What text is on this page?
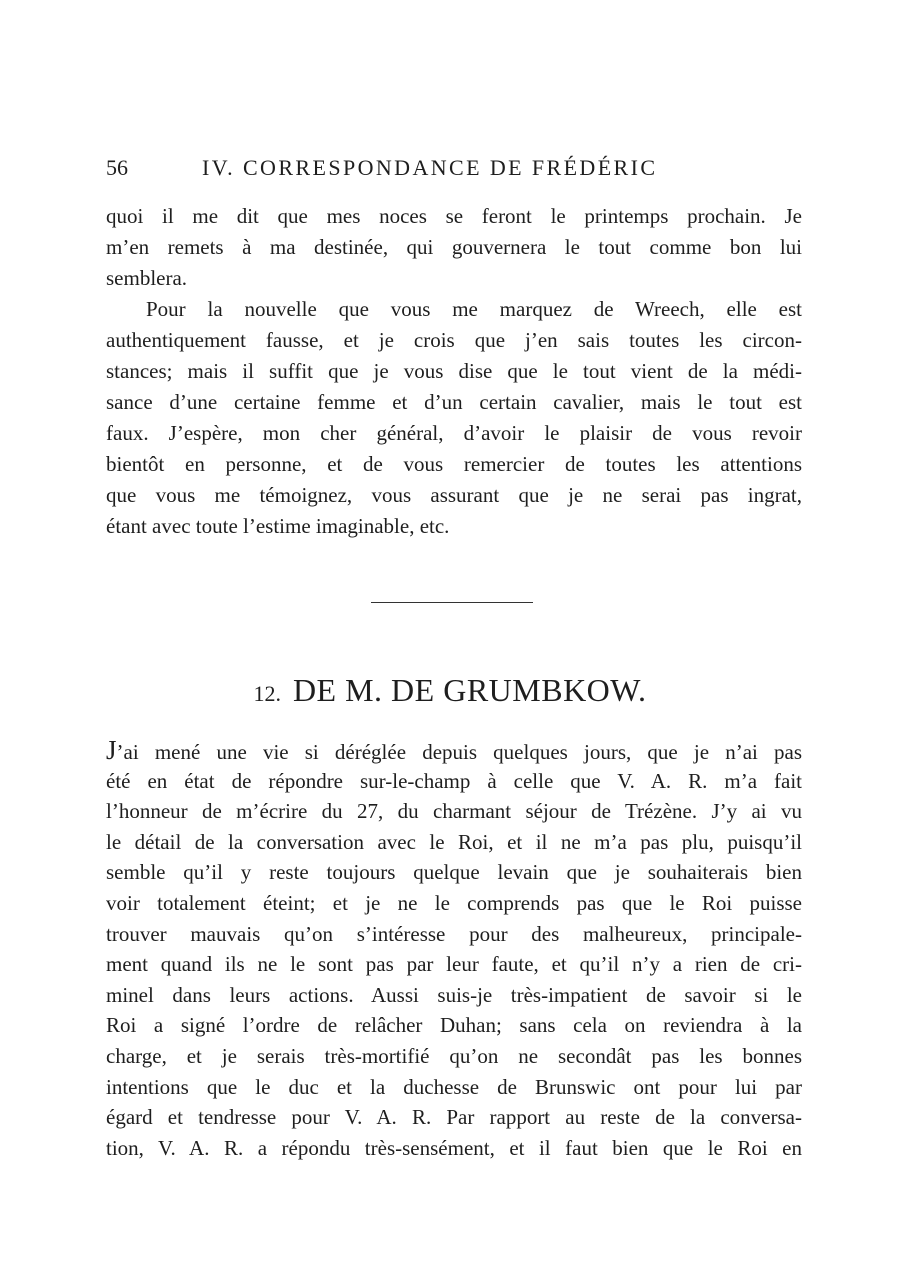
56	IV. CORRESPONDANCE DE FRÉDÉRIC
quoi il me dit que mes noces se feront le printemps prochain. Je
m’en remets à ma destinée, qui gouvernera le tout comme bon lui
semblera.
Pour la nouvelle que vous me marquez de Wreech, elle est
authentiquement fausse, et je crois que j’en sais toutes les circon-
stances; mais il suffit que je vous dise que le tout vient de la médi-
sance d’une certaine femme et d’un certain cavalier, mais le tout est
faux. J’espère, mon cher général, d’avoir le plaisir de vous revoir
bientôt en personne, et de vous remercier de toutes les attentions
que vous me témoignez, vous assurant que je ne serai pas ingrat,
étant avec toute l’estime imaginable, etc.
12. DE M. DE GRUMBKOW.
J’ai mené une vie si déréglée depuis quelques jours, que je n’ai pas
été en état de répondre sur-le-champ à celle que V. A. R. m’a fait
l’honneur de m’écrire du 27, du charmant séjour de Trézène. J’y ai vu
le détail de la conversation avec le Roi, et il ne m’a pas plu, puisqu’il
semble qu’il y reste toujours quelque levain que je souhaiterais bien
voir totalement éteint; et je ne le comprends pas que le Roi puisse
trouver mauvais qu’on s’intéresse pour des malheureux, principale-
ment quand ils ne le sont pas par leur faute, et qu’il n’y a rien de cri-
minel dans leurs actions. Aussi suis-je très-impatient de savoir si le
Roi a signé l’ordre de relâcher Duhan; sans cela on reviendra à la
charge, et je serais très-mortifié qu’on ne secondât pas les bonnes
intentions que le duc et la duchesse de Brunswic ont pour lui par
égard et tendresse pour V. A. R. Par rapport au reste de la conversa-
tion, V. A. R. a répondu très-sensément, et il faut bien que le Roi en
